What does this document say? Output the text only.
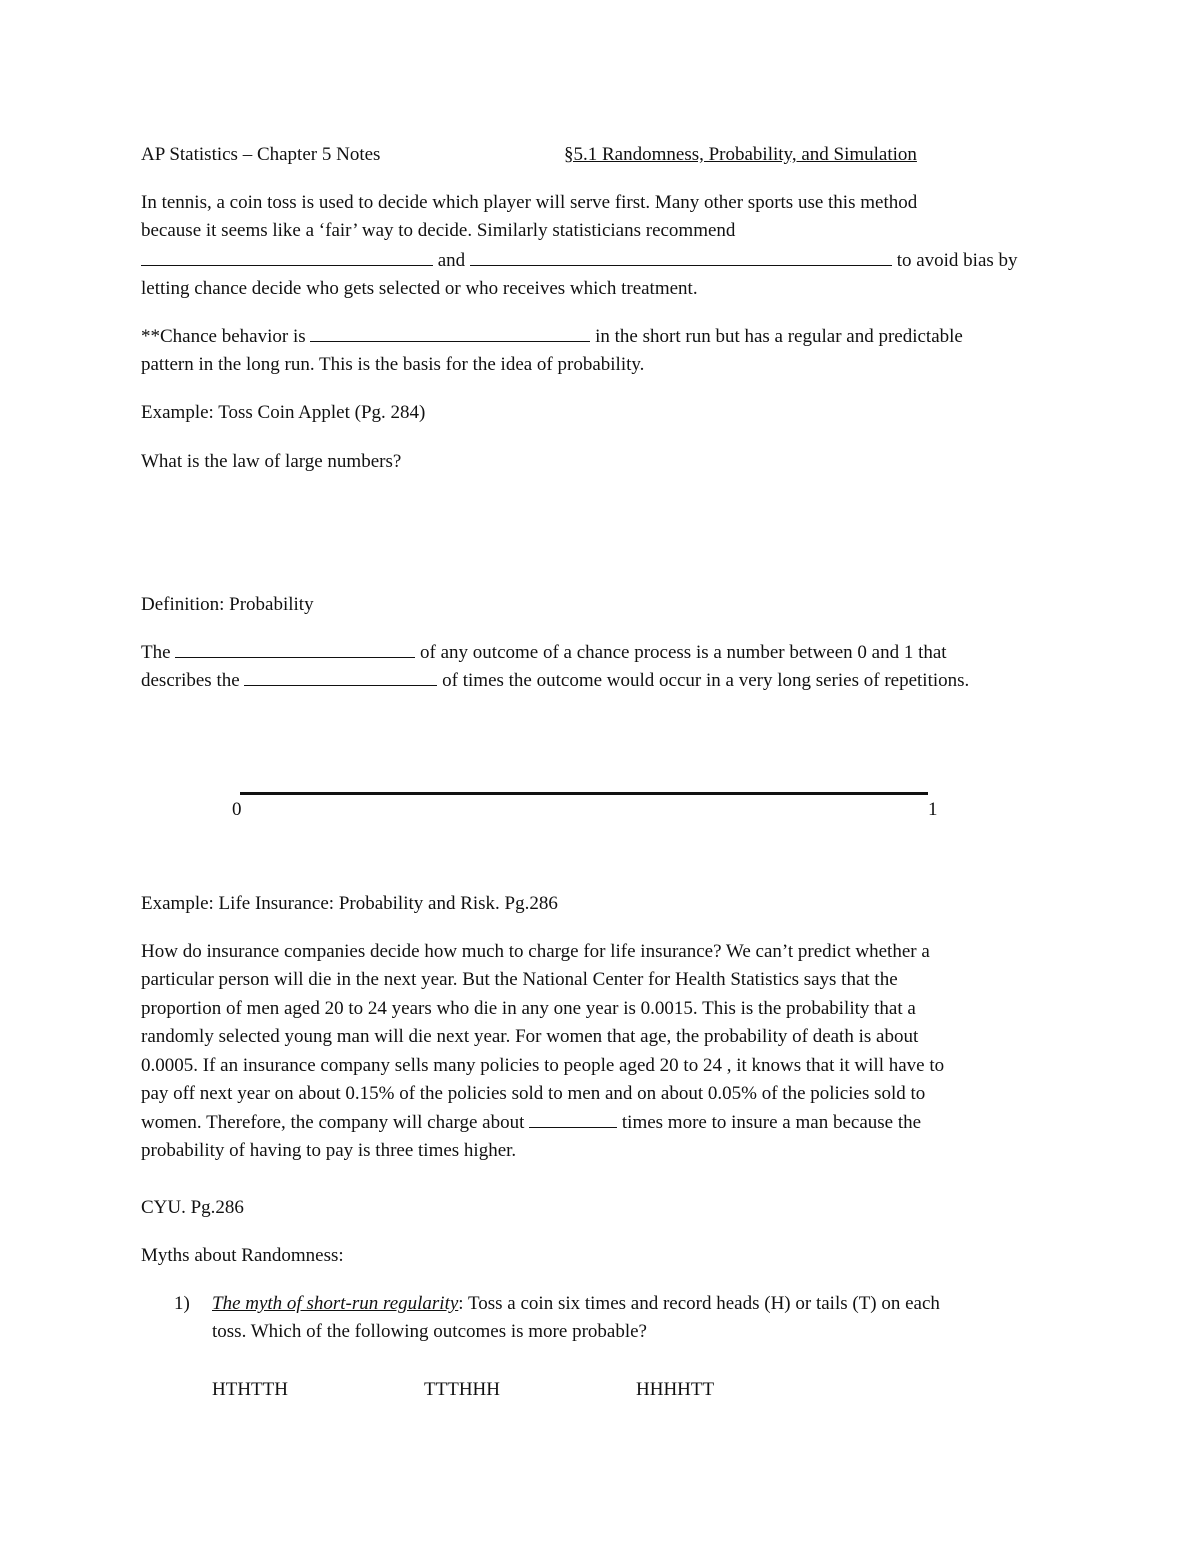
AP Statistics – Chapter 5 Notes	§5.1 Randomness, Probability, and Simulation
In tennis, a coin toss is used to decide which player will serve first. Many other sports use this method
because it seems like a ‘fair’ way to decide. Similarly statisticians recommend
and	to avoid bias by
letting chance decide who gets selected or who receives which treatment.
**Chance behavior is	in the short run but has a regular and predictable
pattern in the long run. This is the basis for the idea of probability.
Example: Toss Coin Applet (Pg. 284)
What is the law of large numbers?
Definition: Probability
The	of any outcome of a chance process is a number between 0 and 1 that
describes the	of times the outcome would occur in a very long series of repetitions.
0	1
Example: Life Insurance: Probability and Risk. Pg.286
How do insurance companies decide how much to charge for life insurance? We can’t predict whether a
particular person will die in the next year. But the National Center for Health Statistics says that the
proportion of men aged 20 to 24 years who die in any one year is 0.0015. This is the probability that a
randomly selected young man will die next year. For women that age, the probability of death is about
0.0005. If an insurance company sells many policies to people aged 20 to 24 , it knows that it will have to
pay off next year on about 0.15% of the policies sold to men and on about 0.05% of the policies sold to
women. Therefore, the company will charge about	times more to insure a man because the
probability of having to pay is three times higher.
CYU. Pg.286
Myths about Randomness:
1) The myth of short-run regularity: Toss a coin six times and record heads (H) or tails (T) on each
toss. Which of the following outcomes is more probable?
HTHTTH	TTTHHH	HHHHTT
